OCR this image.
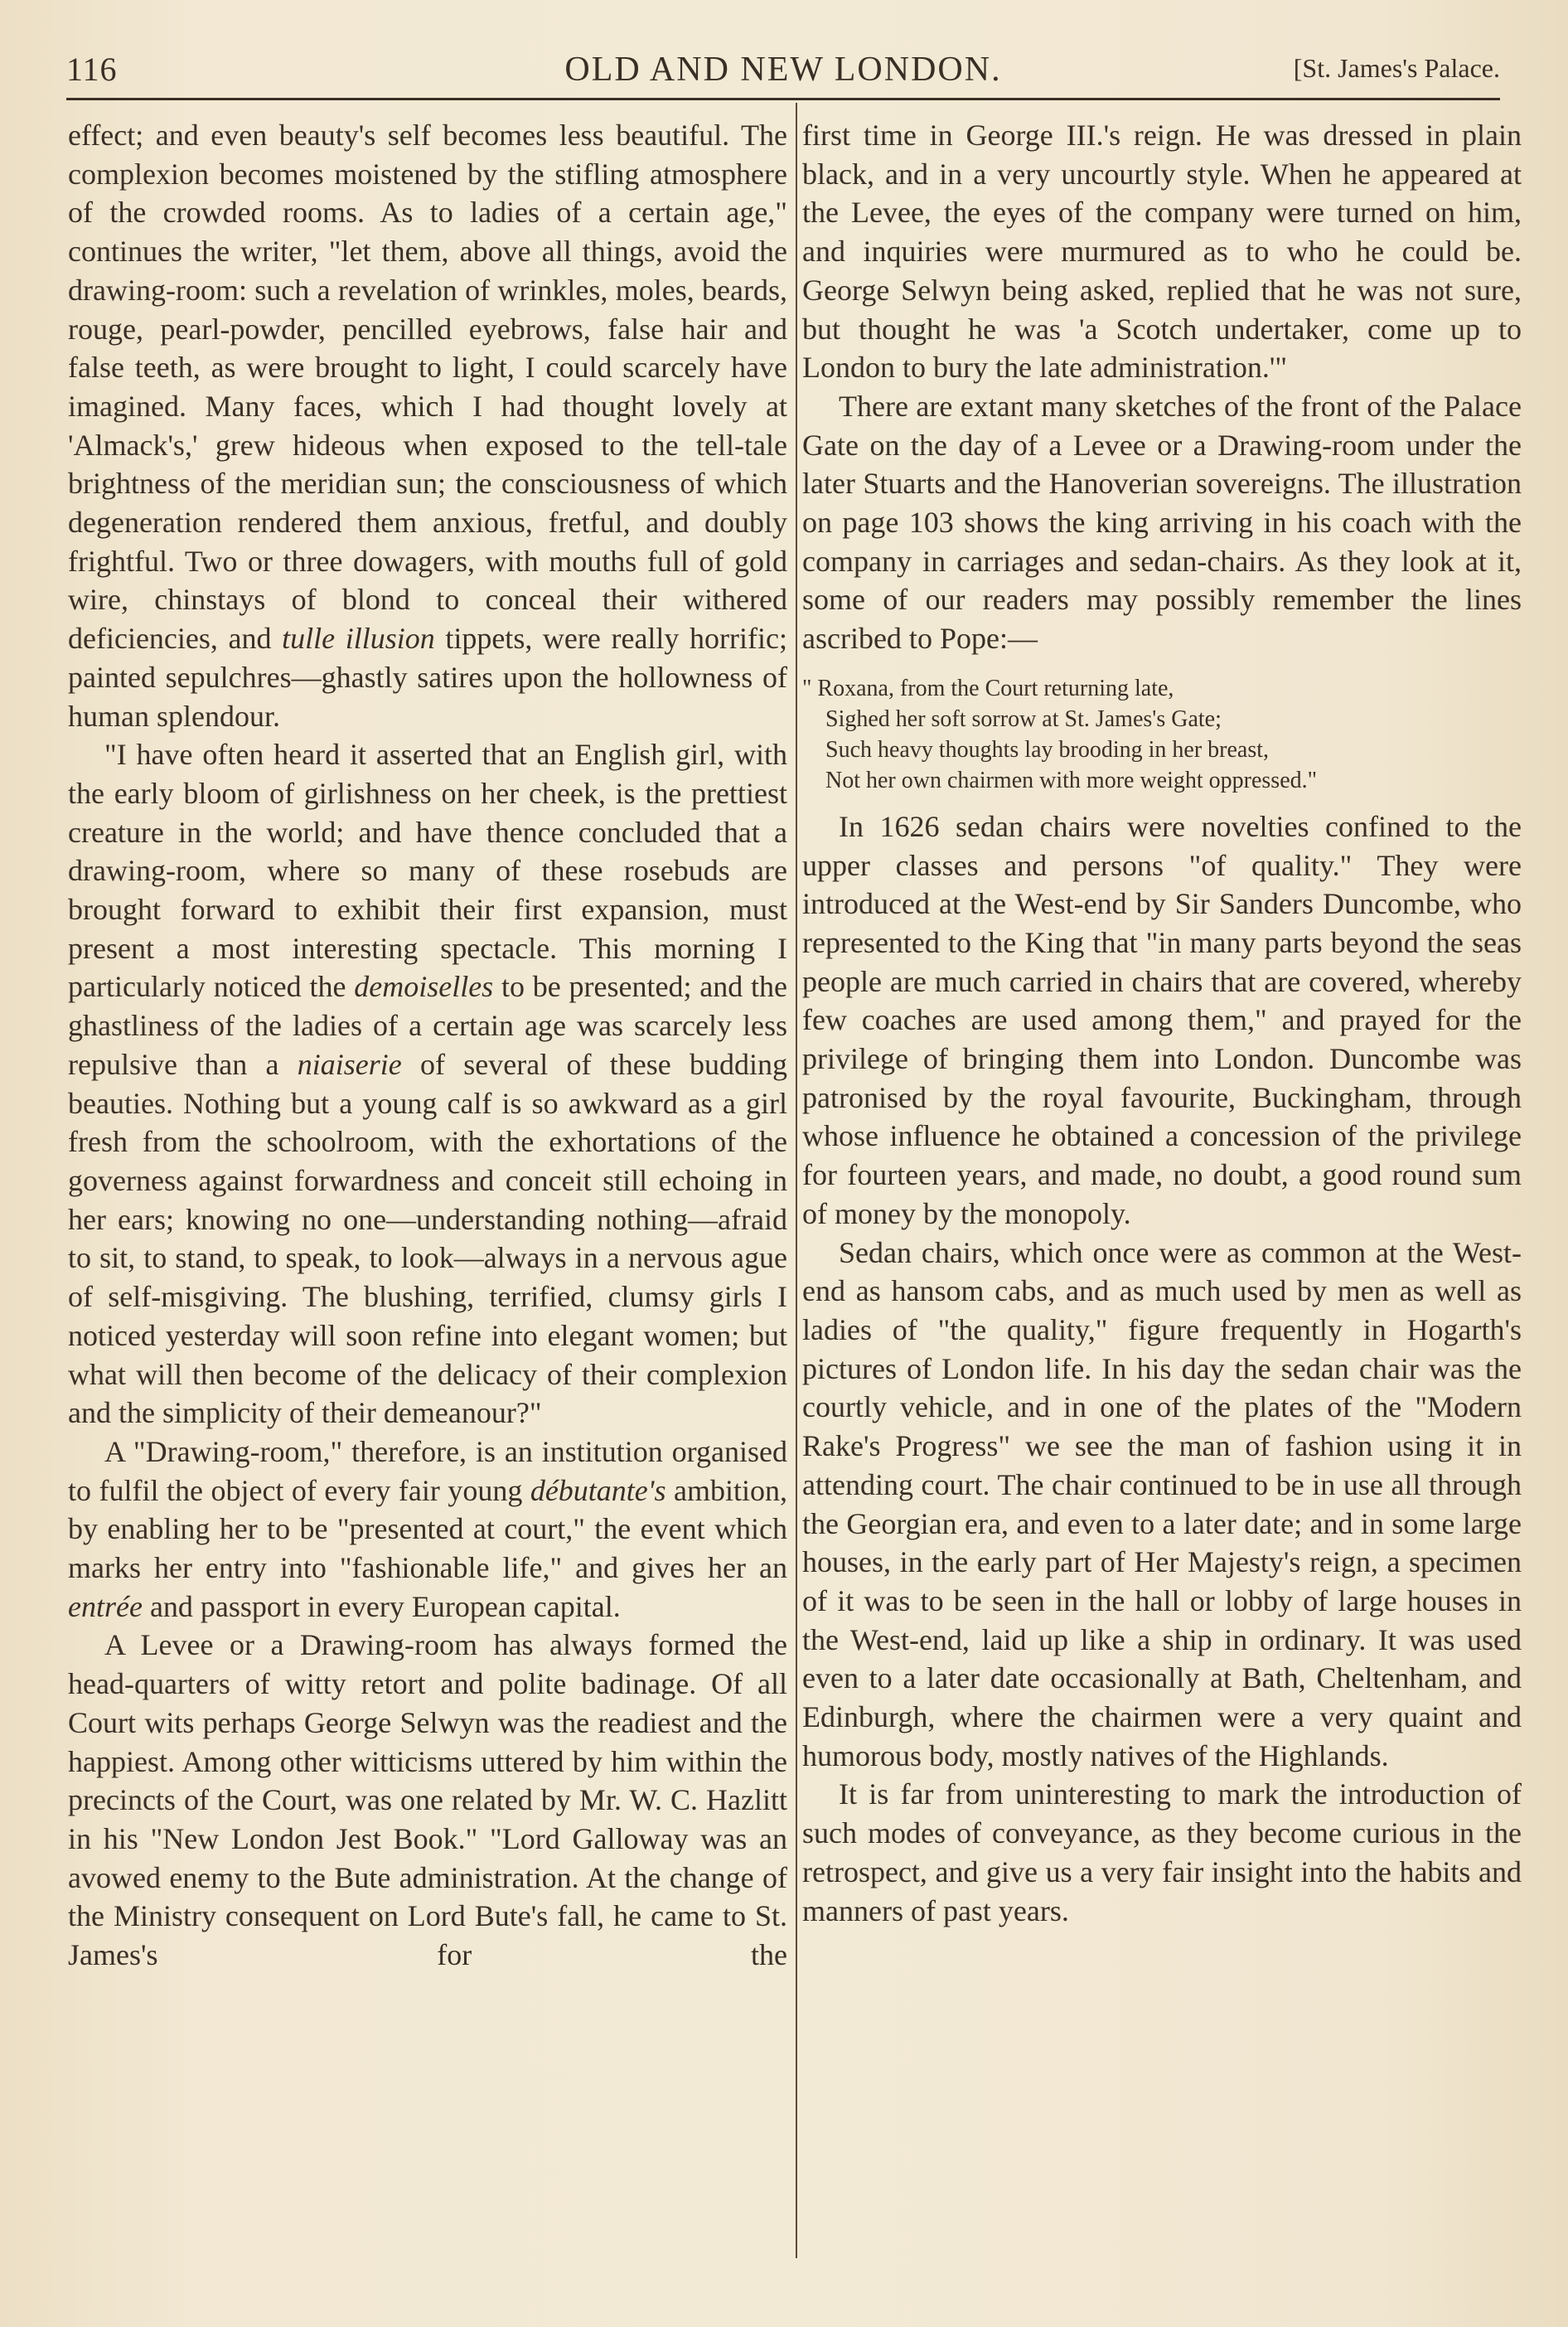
116	OLD AND NEW LONDON.	[St. James's Palace.

effect; and even beauty's self becomes less beautiful. The complexion becomes moistened by the stifling atmosphere of the crowded rooms. As to ladies of a certain age," continues the writer, "let them, above all things, avoid the drawing-room: such a revelation of wrinkles, moles, beards, rouge, pearl-powder, pencilled eyebrows, false hair and false teeth, as were brought to light, I could scarcely have imagined. Many faces, which I had thought lovely at 'Almack's,' grew hideous when exposed to the tell-tale brightness of the meridian sun; the consciousness of which degeneration rendered them anxious, fretful, and doubly frightful. Two or three dowagers, with mouths full of gold wire, chinstays of blond to conceal their withered deficiencies, and tulle illusion tippets, were really horrific; painted sepulchres—ghastly satires upon the hollowness of human splendour.

"I have often heard it asserted that an English girl, with the early bloom of girlishness on her cheek, is the prettiest creature in the world; and have thence concluded that a drawing-room, where so many of these rosebuds are brought forward to exhibit their first expansion, must present a most interesting spectacle. This morning I particularly noticed the demoiselles to be presented; and the ghastliness of the ladies of a certain age was scarcely less repulsive than a niaiserie of several of these budding beauties. Nothing but a young calf is so awkward as a girl fresh from the schoolroom, with the exhortations of the governess against forwardness and conceit still echoing in her ears; knowing no one—understanding nothing—afraid to sit, to stand, to speak, to look—always in a nervous ague of self-misgiving. The blushing, terrified, clumsy girls I noticed yesterday will soon refine into elegant women; but what will then become of the delicacy of their complexion and the simplicity of their demeanour?"

A "Drawing-room," therefore, is an institution organised to fulfil the object of every fair young débutante's ambition, by enabling her to be "presented at court," the event which marks her entry into "fashionable life," and gives her an entrée and passport in every European capital.

A Levee or a Drawing-room has always formed the head-quarters of witty retort and polite badinage. Of all Court wits perhaps George Selwyn was the readiest and the happiest. Among other witticisms uttered by him within the precincts of the Court, was one related by Mr. W. C. Hazlitt in his "New London Jest Book." "Lord Galloway was an avowed enemy to the Bute administration. At the change of the Ministry consequent on Lord Bute's fall, he came to St. James's for the

first time in George III.'s reign. He was dressed in plain black, and in a very uncourtly style. When he appeared at the Levee, the eyes of the company were turned on him, and inquiries were murmured as to who he could be. George Selwyn being asked, replied that he was not sure, but thought he was 'a Scotch undertaker, come up to London to bury the late administration.'"

There are extant many sketches of the front of the Palace Gate on the day of a Levee or a Drawing-room under the later Stuarts and the Hanoverian sovereigns. The illustration on page 103 shows the king arriving in his coach with the company in carriages and sedan-chairs. As they look at it, some of our readers may possibly remember the lines ascribed to Pope:—

" Roxana, from the Court returning late,
Sighed her soft sorrow at St. James's Gate;
Such heavy thoughts lay brooding in her breast,
Not her own chairmen with more weight oppressed."

In 1626 sedan chairs were novelties confined to the upper classes and persons "of quality." They were introduced at the West-end by Sir Sanders Duncombe, who represented to the King that "in many parts beyond the seas people are much carried in chairs that are covered, whereby few coaches are used among them," and prayed for the privilege of bringing them into London. Duncombe was patronised by the royal favourite, Buckingham, through whose influence he obtained a concession of the privilege for fourteen years, and made, no doubt, a good round sum of money by the monopoly.

Sedan chairs, which once were as common at the West-end as hansom cabs, and as much used by men as well as ladies of "the quality," figure frequently in Hogarth's pictures of London life. In his day the sedan chair was the courtly vehicle, and in one of the plates of the "Modern Rake's Progress" we see the man of fashion using it in attending court. The chair continued to be in use all through the Georgian era, and even to a later date; and in some large houses, in the early part of Her Majesty's reign, a specimen of it was to be seen in the hall or lobby of large houses in the West-end, laid up like a ship in ordinary. It was used even to a later date occasionally at Bath, Cheltenham, and Edinburgh, where the chairmen were a very quaint and humorous body, mostly natives of the Highlands.

It is far from uninteresting to mark the introduction of such modes of conveyance, as they become curious in the retrospect, and give us a very fair insight into the habits and manners of past years.
